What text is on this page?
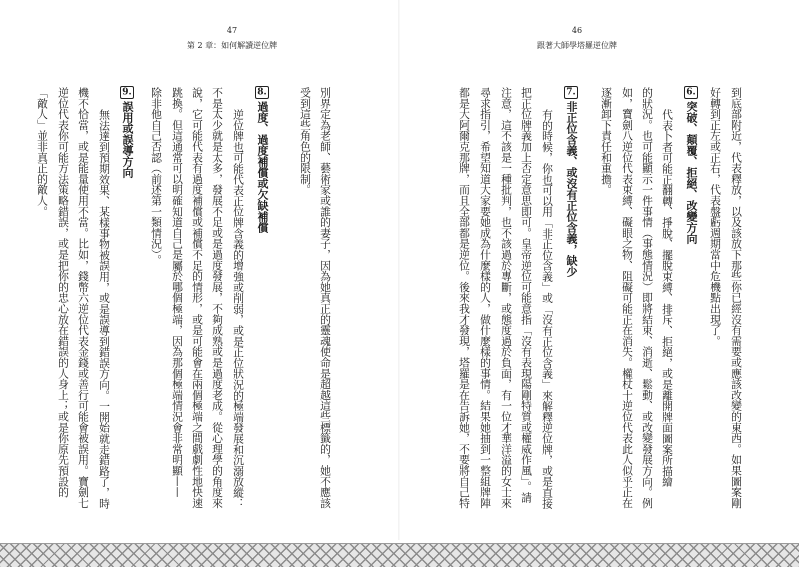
47
第 2 章：如何解讀逆位牌
別界定為老師、藝術家或誰的妻子，因為她真正的靈魂使命是超越這些標籤的，她不應該
受到這些角色的限制。
8.過度、過度補償或欠缺補償
逆位牌也可能代表正位牌含義的增強或削弱，或是正位狀況的極端發展和沉溺放縱：
不是太少就是太多，發展不足或是過度發展，不夠成熟或是過度老成。從心理學的角度來
說，它可能代表有過度補償或補償不足的情形，或是可能會在兩個極端之間戲劇性地快速
跳換。但這通常可以明確知道自己是屬於哪個極端，因為那個極端情況會非常明顯——
除非他自己否認（前述第一類情況）。
9.誤用或誤導方向
無法達到預期效果、某樣事物被誤用，或是誤導到錯誤方向。一開始就走錯路了，時
機不恰當，或是能量使用不當。比如，錢幣六逆位代表金錢或善行可能會被誤用。寶劍七
逆位代表你可能方法策略錯誤，或是把你的忠心放在錯誤的人身上；或是你原先預設的
「敵人」並非真正的敵人。
46
跟著大師學塔羅逆位牌
到底部附近，代表釋放，以及該放下那些你已經沒有需要或應該改變的東西。如果圖案剛
好轉到正左或正右，代表盤虧週期當中危機點出現了。
6.突破、顛覆、拒絕、改變方向
代表卜者可能正翻轉、掙脫、擺脫束縛、排斥、拒絕，或是離開牌面圖案所描繪
的狀況。也可能顯示一件事情（事態情況）即將結束、消逝、鬆動、或改變發展方向。例
如，寶劍八逆位代表束縛、礙眼之物、阻礙可能正在消失。權杖十逆位代表此人似乎正在
逐漸卸下責任和重擔。
7.非正位含義、或沒有正位含義，缺少
有的時候，你也可以用「非正位含義」或「沒有正位含義」來解釋逆位牌，或是直接
把正位牌義加上否定意思即可。皇帝逆位可能意指「沒有表現陽剛特質或權威作風」。請
注意，這不該是一種批判，也不該過於專斷，或態度過於負面，有一位才華洋溢的女士來
尋求指引，希望知道大家要她成為什麼樣的人，做什麼樣的事情。結果她抽到一整組牌陣
都是大阿爾克那牌，而且全部都是逆位。後來我才發現，塔羅是在告訴她，不要將自己特
